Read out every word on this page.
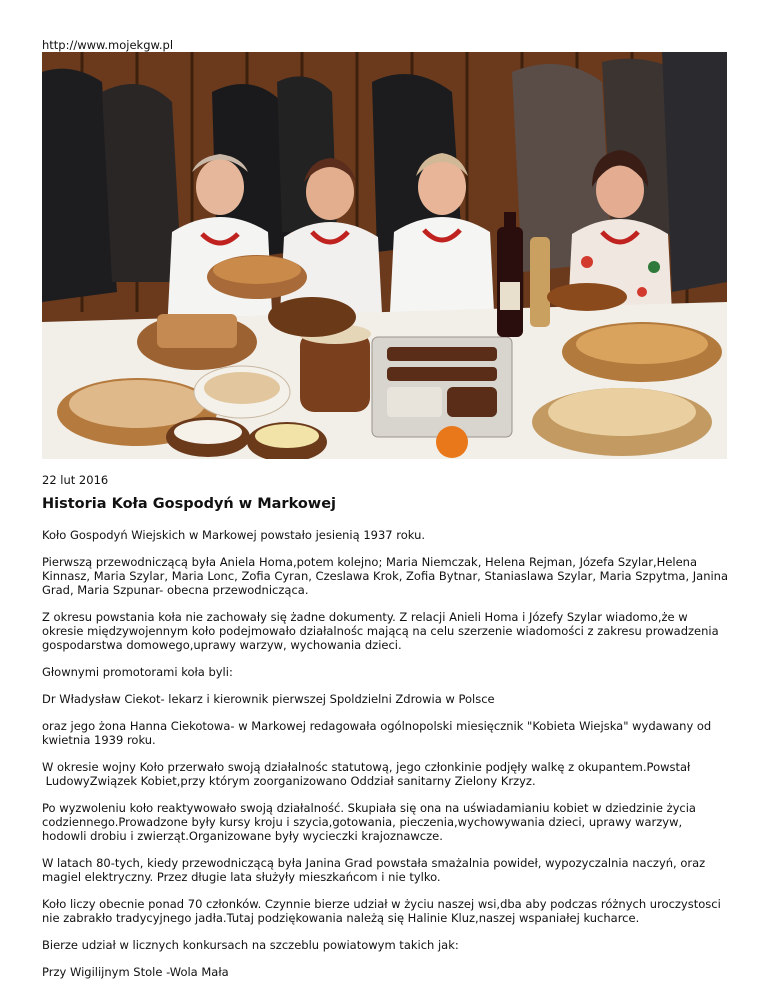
http://www.mojekgw.pl
22 lut 2016
Historia Koła Gospodyń w Markowej

Koło Gospodyń Wiejskich w Markowej powstało jesienią 1937 roku.

Pierwszą przewodniczącą była Aniela Homa,potem kolejno; Maria Niemczak, Helena Rejman, Józefa Szylar,Helena Kinnasz, Maria Szylar, Maria Lonc, Zofia Cyran, Czeslawa Krok, Zofia Bytnar, Staniaslawa Szylar, Maria Szpytma, Janina Grad, Maria Szpunar- obecna przewodnicząca.

Z okresu powstania koła nie zachowały się żadne dokumenty. Z relacji Anieli Homa i Józefy Szylar wiadomo,że w okresie międzywojennym koło podejmowało działalnośc mającą na celu szerzenie wiadomości z zakresu prowadzenia gospodarstwa domowego,uprawy warzyw, wychowania dzieci.

Głownymi promotorami koła byli:

Dr Władysław Ciekot- lekarz i kierownik pierwszej Spoldzielni Zdrowia w Polsce

oraz jego żona Hanna Ciekotowa- w Markowej redagowała ogólnopolski miesięcznik "Kobieta Wiejska" wydawany od kwietnia 1939 roku.

W okresie wojny Koło przerwało swoją działalnośc statutową, jego członkinie podjęły walkę z okupantem.Powstał
LudowyZwiązek Kobiet,przy którym zoorganizowano Oddział sanitarny Zielony Krzyz.

Po wyzwoleniu koło reaktywowało swoją działalność. Skupiała się ona na uświadamianiu kobiet w dziedzinie życia codziennego.Prowadzone były kursy kroju i szycia,gotowania, pieczenia,wychowywania dzieci, uprawy warzyw, hodowli drobiu i zwierząt.Organizowane były wycieczki krajoznawcze.

W latach 80-tych, kiedy przewodniczącą była Janina Grad powstała smażalnia powideł, wypozyczalnia naczyń, oraz magiel elektryczny. Przez długie lata służyły mieszkańcom i nie tylko.

Koło liczy obecnie ponad 70 członków. Czynnie bierze udział w życiu naszej wsi,dba aby podczas różnych uroczystosci nie zabrakło tradycyjnego jadła.Tutaj podziękowania należą się Halinie Kluz,naszej wspaniałej kucharce.

Bierze udział w licznych konkursach na szczeblu powiatowym takich jak:

Przy Wigilijnym Stole -Wola Mała
